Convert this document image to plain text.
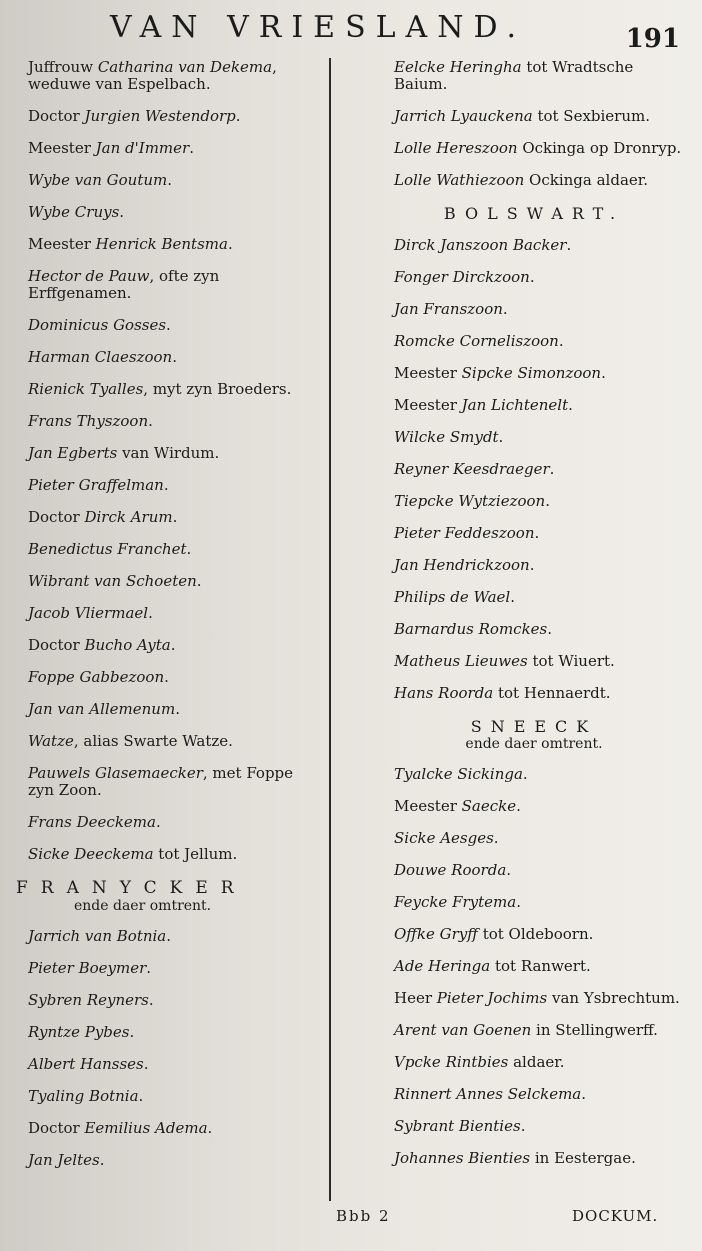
VAN VRIESLAND.	191
Juffrouw Catharina van Dekema, weduwe van Espelbach.
Doctor Jurgien Westendorp.
Meester Jan d'Immer.
Wybe van Goutum.
Wybe Cruys.
Meester Henrick Bentsma.
Hector de Pauw, ofte zyn Erffgenamen.
Dominicus Gosses.
Harman Claeszoon.
Rienick Tyalles, myt zyn Broeders.
Frans Thyszoon.
Jan Egberts van Wirdum.
Pieter Graffelman.
Doctor Dirck Arum.
Benedictus Franchet.
Wibrant van Schoeten.
Jacob Vliermael.
Doctor Bucho Ayta.
Foppe Gabbezoon.
Jan van Allemenum.
Watze, alias Swarte Watze.
Pauwels Glasemaecker, met Foppe zyn Zoon.
Frans Deeckema.
Sicke Deeckema tot Jellum.
FRANYCKER
ende daer omtrent.
Jarrich van Botnia.
Pieter Boeymer.
Sybren Reyners.
Ryntze Pybes.
Albert Hansses.
Tyaling Botnia.
Doctor Eemilius Adema.
Jan Jeltes.
Eelcke Heringha tot Wradtsche Baium.
Jarrich Lyauckena tot Sexbierum.
Lolle Hereszoon Ockinga op Dronryp.
Lolle Wathiezoon Ockinga aldaer.
BOLSWART.
Dirck Janszoon Backer.
Fonger Dirckzoon.
Jan Franszoon.
Romcke Corneliszoon.
Meester Sipcke Simonzoon.
Meester Jan Lichtenelt.
Wilcke Smydt.
Reyner Keesdraeger.
Tiepcke Wytziezoon.
Pieter Feddeszoon.
Jan Hendrickzoon.
Philips de Wael.
Barnardus Romckes.
Matheus Lieuwes tot Wiuert.
Hans Roorda tot Hennaerdt.
SNEECK
ende daer omtrent.
Tyalcke Sickinga.
Meester Saecke.
Sicke Aesges.
Douwe Roorda.
Feycke Frytema.
Offke Gryff tot Oldeboorn.
Ade Heringa tot Ranwert.
Heer Pieter Jochims van Ysbrechtum.
Arent van Goenen in Stellingwerff.
Vpcke Rintbies aldaer.
Rinnert Annes Selckema.
Sybrant Bienties.
Johannes Bienties in Eestergae.
Bbb 2	DOCKUM.
